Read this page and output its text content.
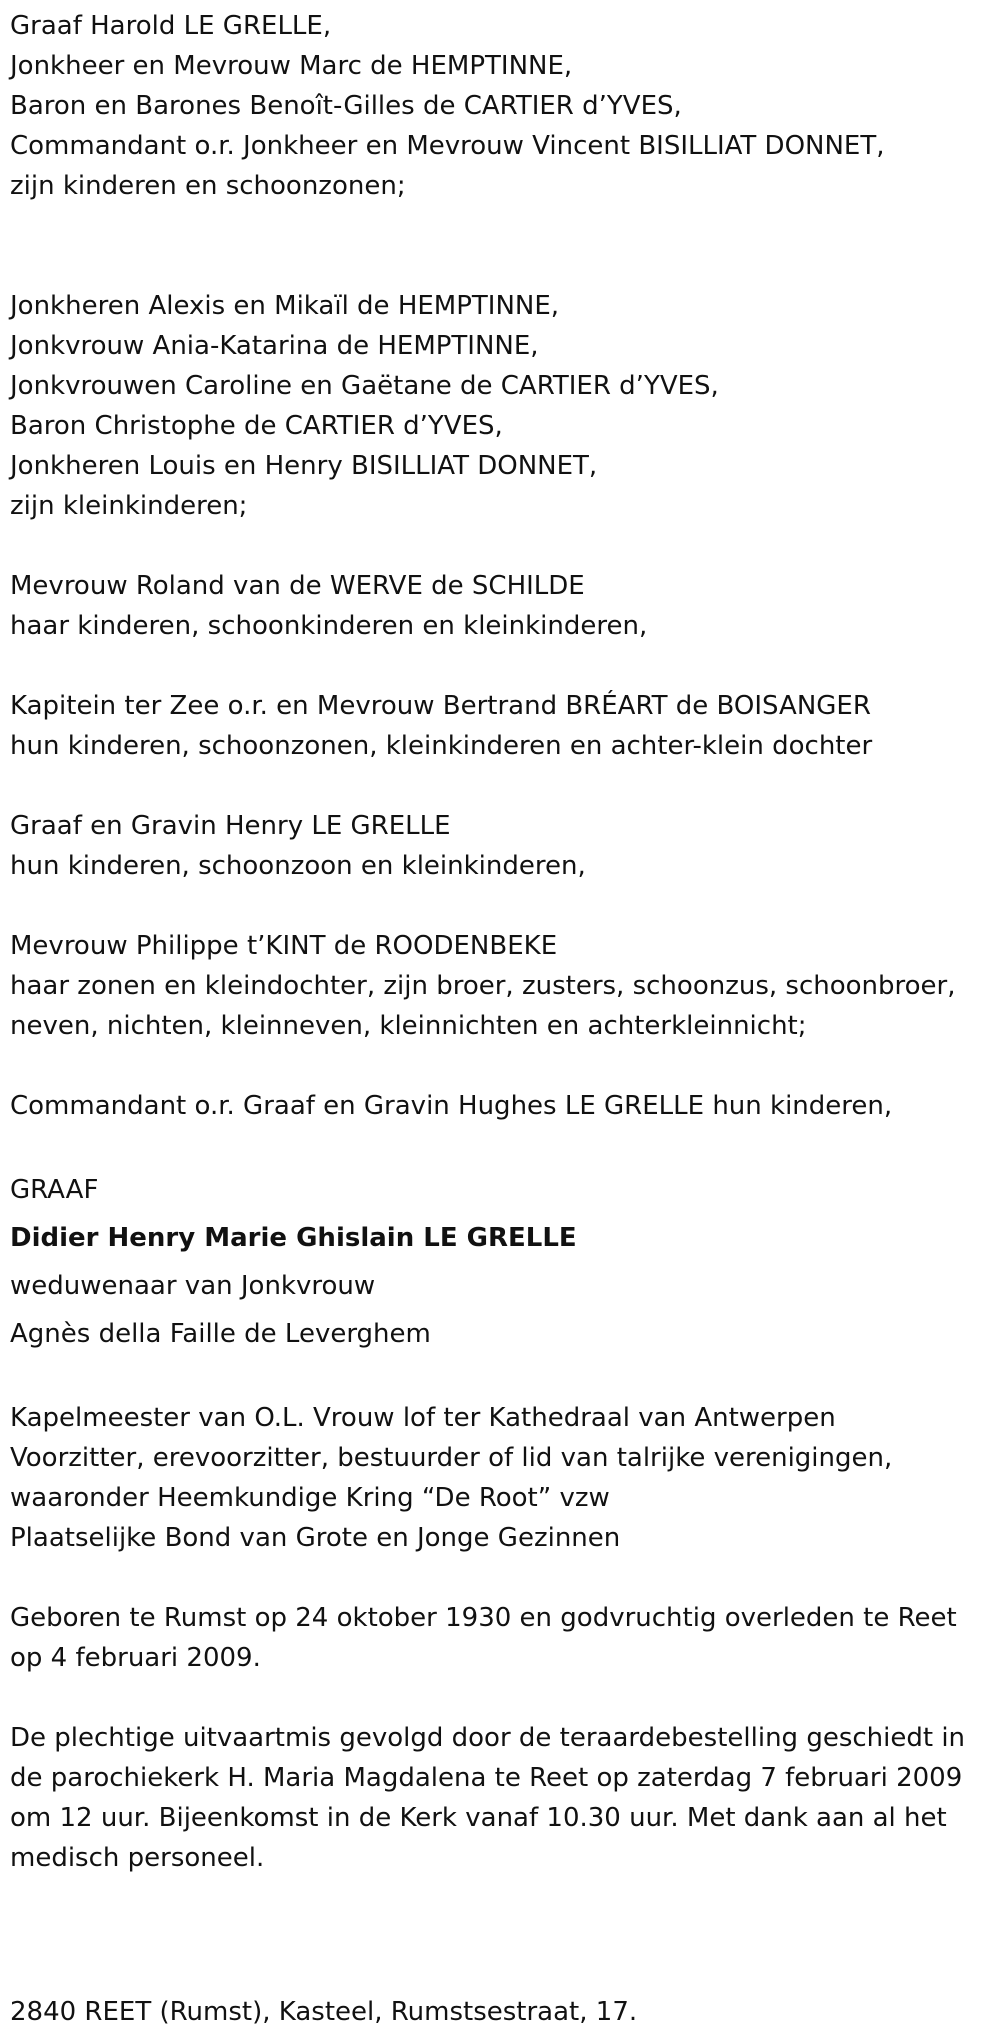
Graaf Harold LE GRELLE,
Jonkheer en Mevrouw Marc de HEMPTINNE,
Baron en Barones Benoît-Gilles de CARTIER d’YVES,
Commandant o.r. Jonkheer en Mevrouw Vincent BISILLIAT DONNET,
zijn kinderen en schoonzonen;
Jonkheren Alexis en Mikaïl de HEMPTINNE,
Jonkvrouw Ania-Katarina de HEMPTINNE,
Jonkvrouwen Caroline en Gaëtane de CARTIER d’YVES,
Baron Christophe de CARTIER d’YVES,
Jonkheren Louis en Henry BISILLIAT DONNET,
zijn kleinkinderen;
Mevrouw Roland van de WERVE de SCHILDE
haar kinderen, schoonkinderen en kleinkinderen,
Kapitein ter Zee o.r. en Mevrouw Bertrand BRÉART de BOISANGER
hun kinderen, schoonzonen, kleinkinderen en achter-klein dochter
Graaf en Gravin Henry LE GRELLE
hun kinderen, schoonzoon en kleinkinderen,
Mevrouw Philippe t’KINT de ROODENBEKE
haar zonen en kleindochter, zijn broer, zusters, schoonzus, schoonbroer,
neven, nichten, kleinneven, kleinnichten en achterkleinnicht;
Commandant o.r. Graaf en Gravin Hughes LE GRELLE hun kinderen,
GRAAF
Didier Henry Marie Ghislain LE GRELLE
weduwenaar van Jonkvrouw
Agnès della Faille de Leverghem
Kapelmeester van O.L. Vrouw lof ter Kathedraal van Antwerpen
Voorzitter, erevoorzitter, bestuurder of lid van talrijke verenigingen,
waaronder Heemkundige Kring “De Root” vzw
Plaatselijke Bond van Grote en Jonge Gezinnen
Geboren te Rumst op 24 oktober 1930 en godvruchtig overleden te Reet op 4 februari 2009.
De plechtige uitvaartmis gevolgd door de teraardebestelling geschiedt in de parochiekerk H. Maria Magdalena te Reet op zaterdag 7 februari 2009 om 12 uur. Bijeenkomst in de Kerk vanaf 10.30 uur. Met dank aan al het medisch personeel.
2840 REET (Rumst), Kasteel, Rumstsestraat, 17.
